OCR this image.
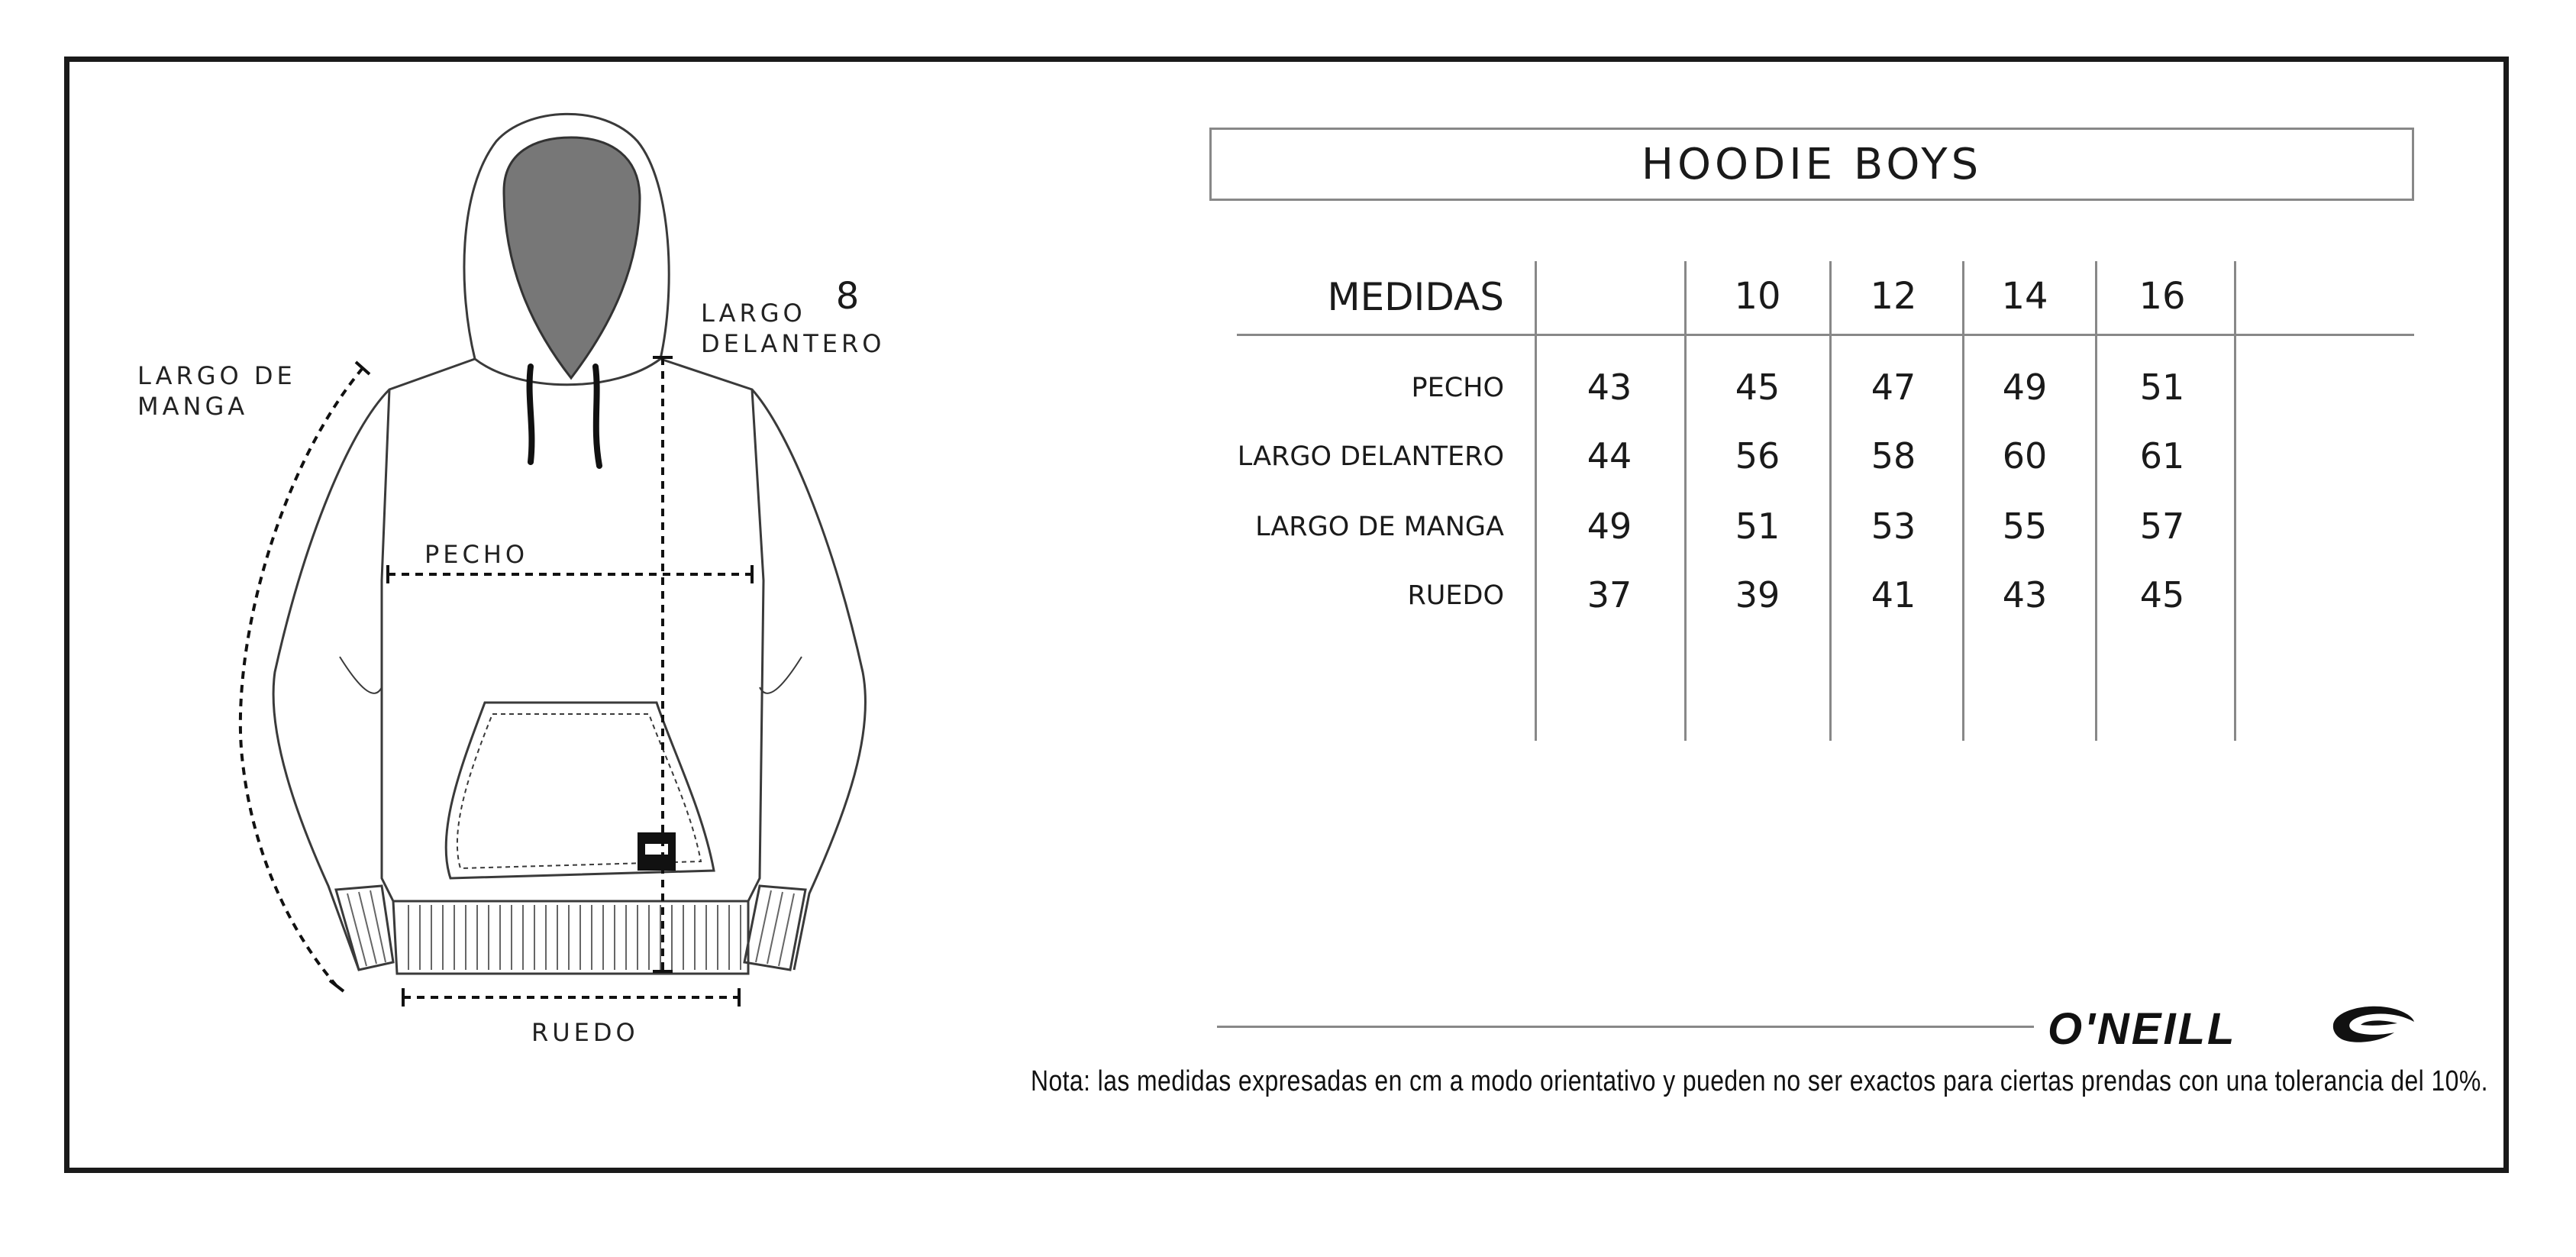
LARGO DE
MANGA
LARGO
DELANTERO
PECHO
RUEDO
HOODIE BOYS
MEDIDAS
8	10	12	14	16
PECHO	43	45	47	49	51
LARGO DELANTERO	44	56	58	60	61
LARGO DE MANGA	49	51	53	55	57
RUEDO	37	39	41	43	45
O'NEILL
Nota: las medidas expresadas en cm a modo orientativo y pueden no ser exactos para ciertas prendas con una tolerancia del 10%.
